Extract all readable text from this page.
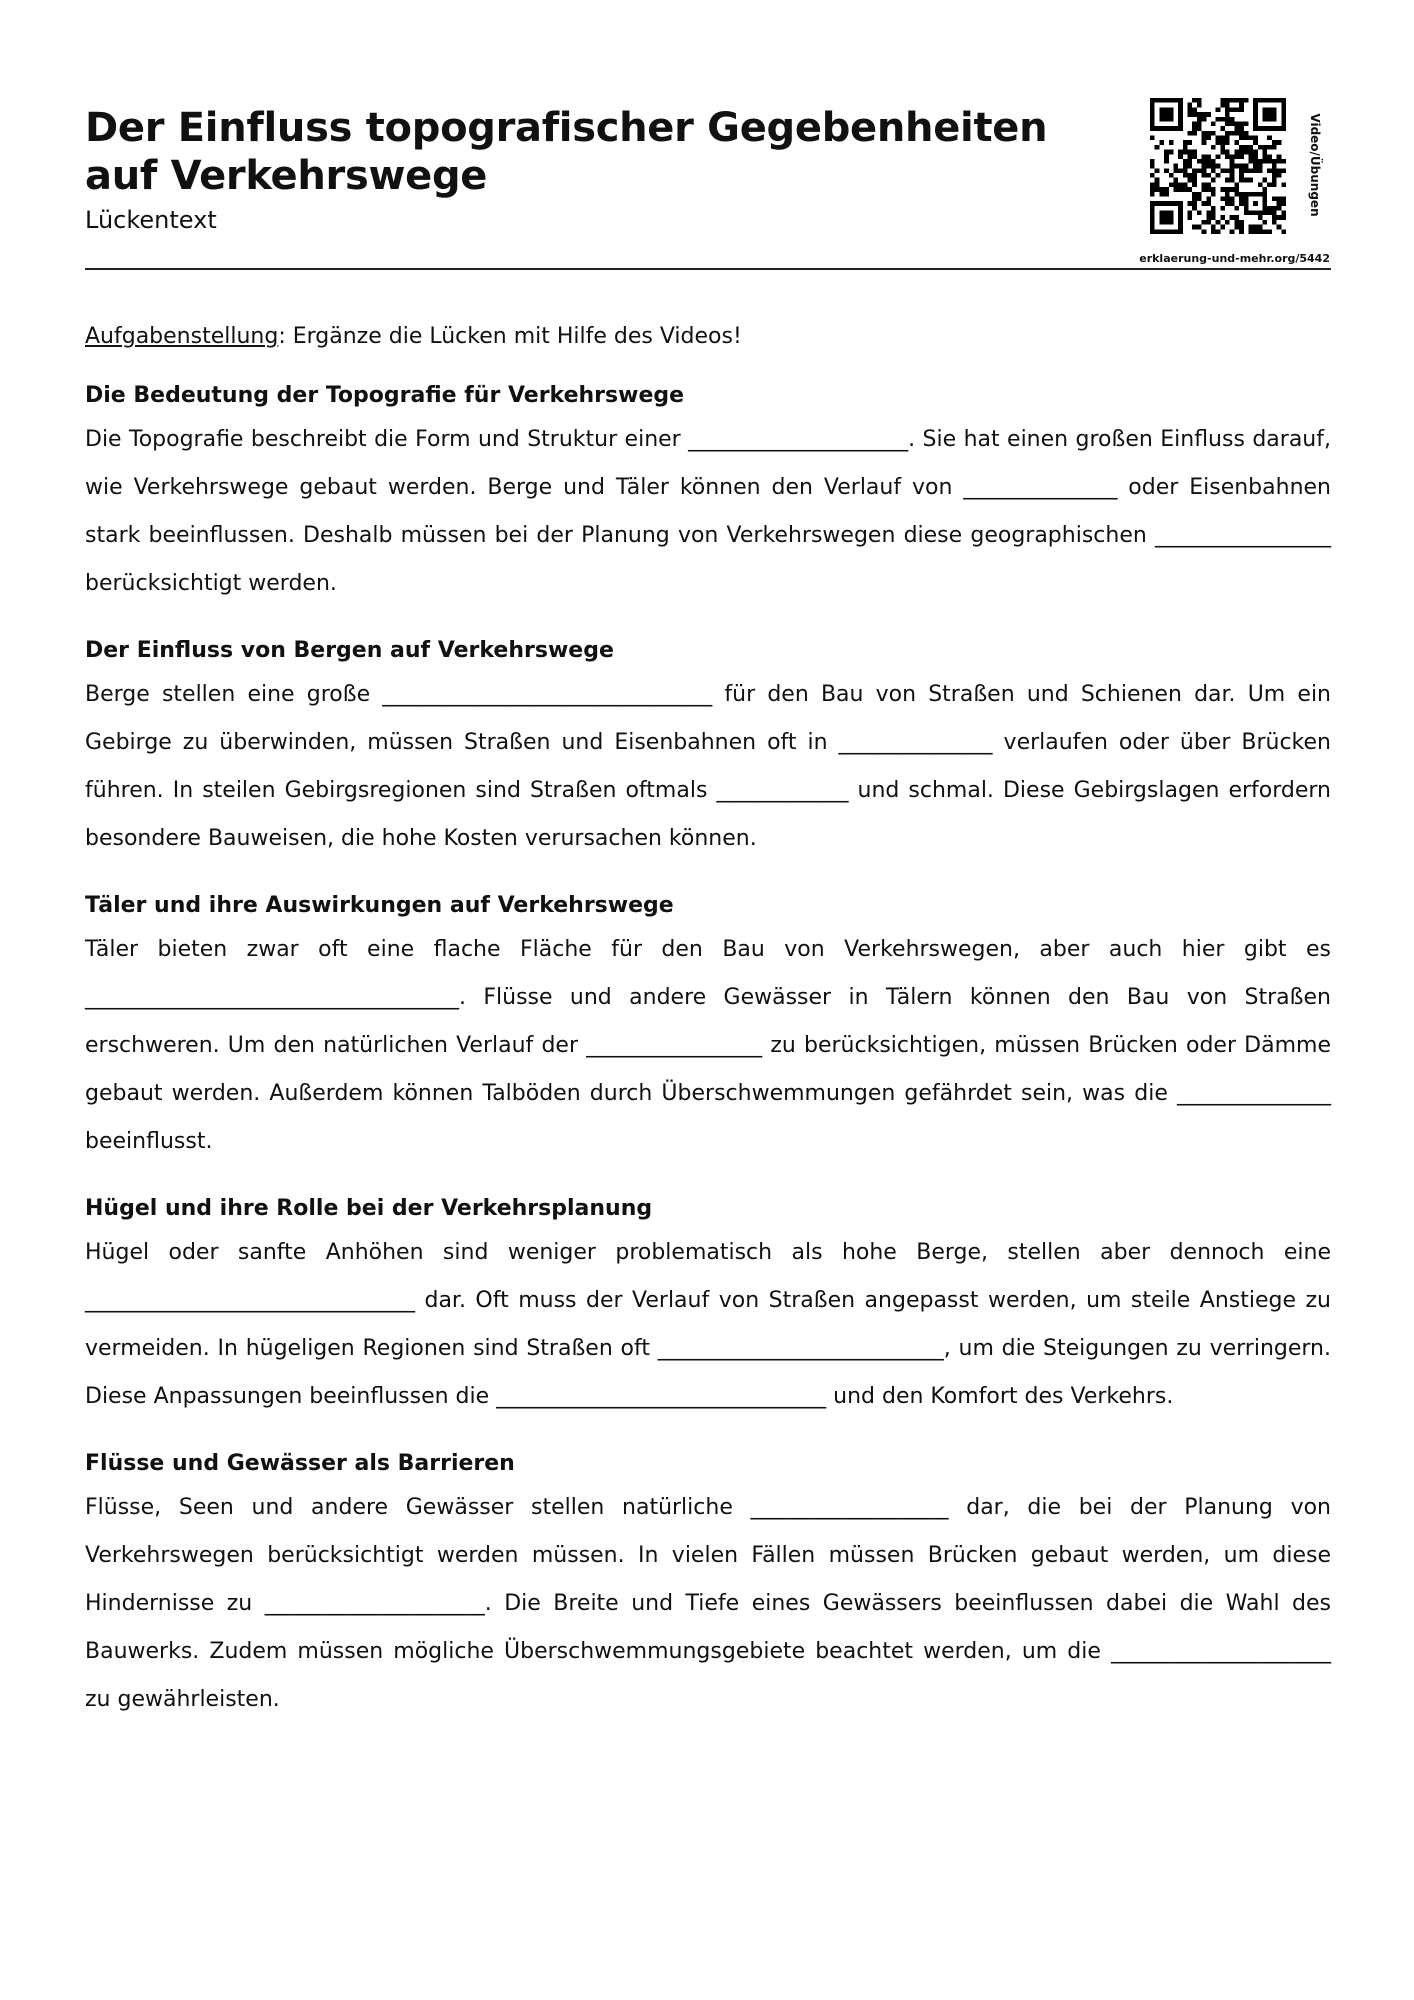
Der Einfluss topografischer Gegebenheiten auf Verkehrswege
Lückentext
Video/Übungen
erklaerung-und-mehr.org/5442
Aufgabenstellung: Ergänze die Lücken mit Hilfe des Videos!
Die Bedeutung der Topografie für Verkehrswege

Die Topografie beschreibt die Form und Struktur einer ____________________. Sie hat einen großen Einfluss darauf, wie Verkehrswege gebaut werden. Berge und Täler können den Verlauf von ______________ oder Eisenbahnen stark beeinflussen. Deshalb müssen bei der Planung von Verkehrswegen diese geographischen ________________ berücksichtigt werden.

Der Einfluss von Bergen auf Verkehrswege

Berge stellen eine große ______________________________ für den Bau von Straßen und Schienen dar. Um ein Gebirge zu überwinden, müssen Straßen und Eisenbahnen oft in ______________ verlaufen oder über Brücken führen. In steilen Gebirgsregionen sind Straßen oftmals ____________ und schmal. Diese Gebirgslagen erfordern besondere Bauweisen, die hohe Kosten verursachen können.

Täler und ihre Auswirkungen auf Verkehrswege

Täler bieten zwar oft eine flache Fläche für den Bau von Verkehrswegen, aber auch hier gibt es __________________________________. Flüsse und andere Gewässer in Tälern können den Bau von Straßen erschweren. Um den natürlichen Verlauf der ________________ zu berücksichtigen, müssen Brücken oder Dämme gebaut werden. Außerdem können Talböden durch Überschwemmungen gefährdet sein, was die ______________ beeinflusst.

Hügel und ihre Rolle bei der Verkehrsplanung

Hügel oder sanfte Anhöhen sind weniger problematisch als hohe Berge, stellen aber dennoch eine ______________________________ dar. Oft muss der Verlauf von Straßen angepasst werden, um steile Anstiege zu vermeiden. In hügeligen Regionen sind Straßen oft __________________________, um die Steigungen zu verringern. Diese Anpassungen beeinflussen die ______________________________ und den Komfort des Verkehrs.

Flüsse und Gewässer als Barrieren

Flüsse, Seen und andere Gewässer stellen natürliche __________________ dar, die bei der Planung von Verkehrswegen berücksichtigt werden müssen. In vielen Fällen müssen Brücken gebaut werden, um diese Hindernisse zu ____________________. Die Breite und Tiefe eines Gewässers beeinflussen dabei die Wahl des Bauwerks. Zudem müssen mögliche Überschwemmungsgebiete beachtet werden, um die ____________________ zu gewährleisten.
